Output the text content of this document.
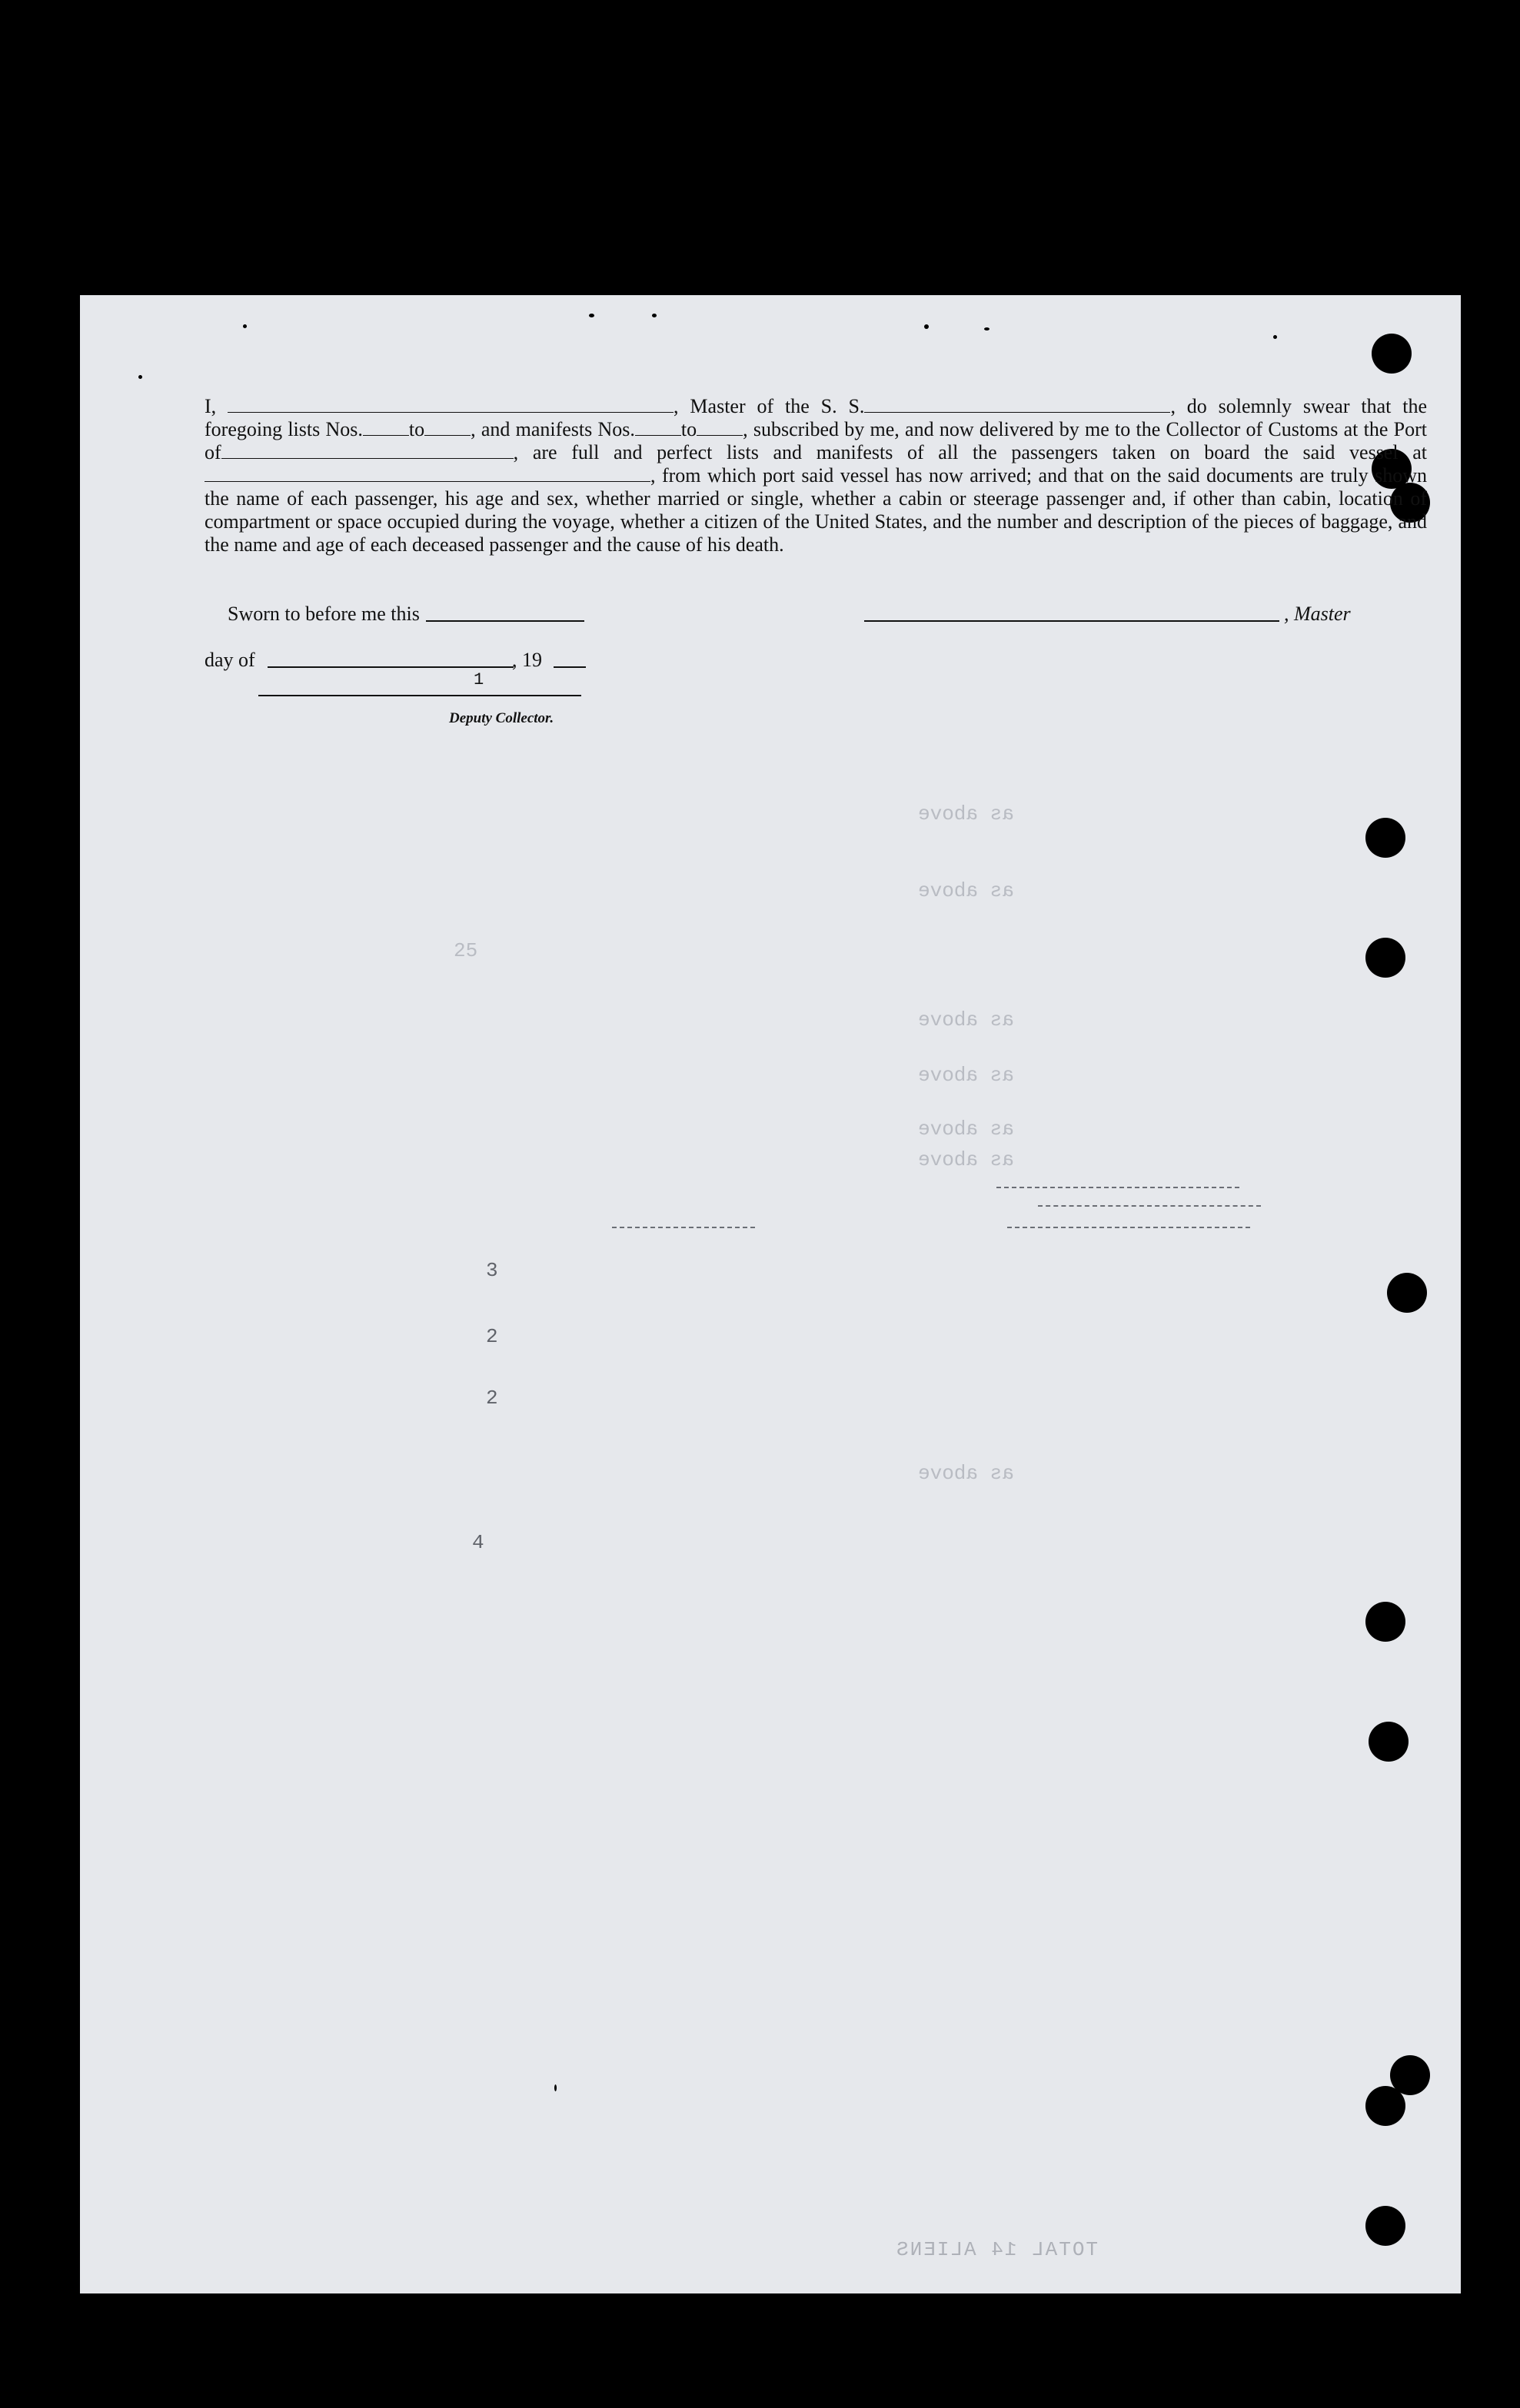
I,	, Master of the S. S.	, do solemnly swear that the foregoing lists Nos. to , and manifests Nos. to , subscribed by me, and now delivered by me to the Collector of Customs at the Port of	, are full and perfect lists and manifests of all the passengers taken on board the said vessel at, from which port said vessel has now arrived; and that on the said documents are truly shown the name of each passenger, his age and sex, whether married or single, whether a cabin or steerage passenger and, if other than cabin, location of compartment or space occupied during the voyage, whether a citizen of the United States, and the number and description of the pieces of baggage, and the name and age of each deceased passenger and the cause of his death.

Sworn to before me this
day of	, 19
1
Deputy Collector.
, Master
as above
as above
as above
as above
as above
as above
as above
25
3
2
2
4
TOTAL 14 ALIENS
